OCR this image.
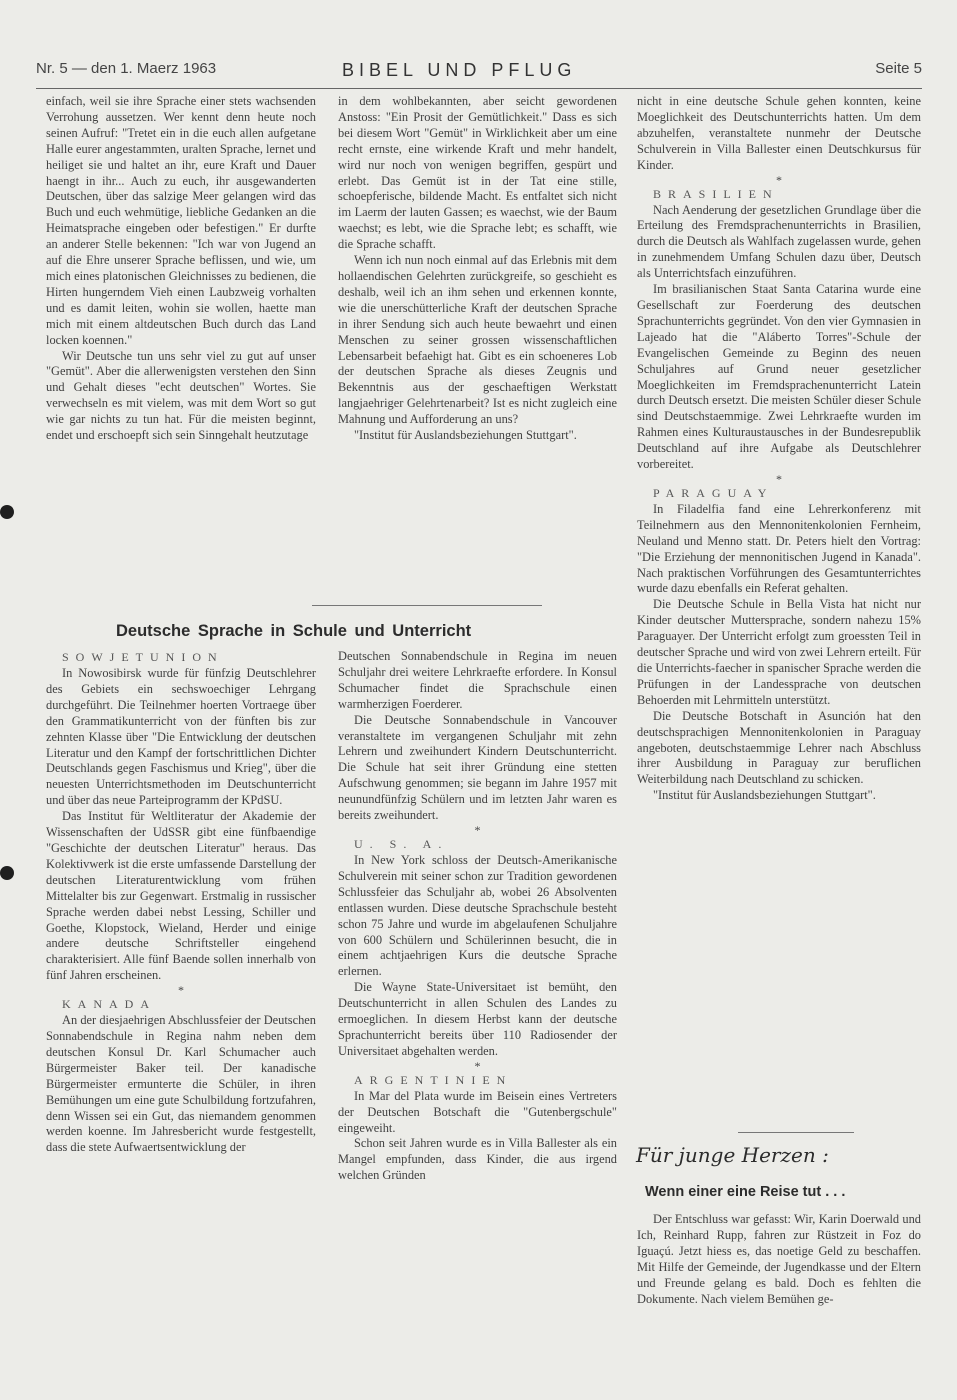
Nr. 5 — den 1. Maerz 1963	BIBEL UND PFLUG	Seite 5

einfach, weil sie ihre Sprache einer stets wachsenden Verrohung aussetzen. Wer kennt denn heute noch seinen Aufruf: "Tretet ein in die euch allen aufgetane Halle eurer angestammten, uralten Sprache, lernet und heiliget sie und haltet an ihr, eure Kraft und Dauer haengt in ihr... Auch zu euch, ihr ausgewanderten Deutschen, über das salzige Meer gelangen wird das Buch und euch wehmütige, liebliche Gedanken an die Heimatsprache eingeben oder befestigen." Er durfte an anderer Stelle bekennen: "Ich war von Jugend an auf die Ehre unserer Sprache beflissen, und wie, um mich eines platonischen Gleichnisses zu bedienen, die Hirten hungerndem Vieh einen Laubzweig vorhalten und es damit leiten, wohin sie wollen, haette man mich mit einem altdeutschen Buch durch das Land locken koennen."

Wir Deutsche tun uns sehr viel zu gut auf unser "Gemüt". Aber die allerwenigsten verstehen den Sinn und Gehalt dieses "echt deutschen" Wortes. Sie verwechseln es mit vielem, was mit dem Wort so gut wie gar nichts zu tun hat. Für die meisten beginnt, endet und erschoepft sich sein Sinngehalt heutzutage

in dem wohlbekannten, aber seicht gewordenen Anstoss: "Ein Prosit der Gemütlichkeit." Dass es sich bei diesem Wort "Gemüt" in Wirklichkeit aber um eine recht ernste, eine wirkende Kraft und mehr handelt, wird nur noch von wenigen begriffen, gespürt und erlebt. Das Gemüt ist in der Tat eine stille, schoepferische, bildende Macht. Es entfaltet sich nicht im Laerm der lauten Gassen; es waechst, wie der Baum waechst; es lebt, wie die Sprache lebt; es schafft, wie die Sprache schafft.

Wenn ich nun noch einmal auf das Erlebnis mit dem hollaendischen Gelehrten zurückgreife, so geschieht es deshalb, weil ich an ihm sehen und erkennen konnte, wie die unerschütterliche Kraft der deutschen Sprache in ihrer Sendung sich auch heute bewaehrt und einen Menschen zu seiner grossen wissenschaftlichen Lebensarbeit befaehigt hat. Gibt es ein schoeneres Lob der deutschen Sprache als dieses Zeugnis und Bekenntnis aus der geschaeftigen Werkstatt langjaehriger Gelehrtenarbeit? Ist es nicht zugleich eine Mahnung und Aufforderung an uns?

"Institut für Auslandsbeziehungen Stuttgart".

Deutsche Sprache in Schule und Unterricht
SOWJETUNION

In Nowosibirsk wurde für fünfzig Deutschlehrer des Gebiets ein sechswoechiger Lehrgang durchgeführt. Die Teilnehmer hoerten Vortraege über den Grammatikunterricht von der fünften bis zur zehnten Klasse über "Die Entwicklung der deutschen Literatur und den Kampf der fortschrittlichen Dichter Deutschlands gegen Faschismus und Krieg", über die neuesten Unterrichtsmethoden im Deutschunterricht und über das neue Parteiprogramm der KPdSU.

Das Institut für Weltliteratur der Akademie der Wissenschaften der UdSSR gibt eine fünfbaendige "Geschichte der deutschen Literatur" heraus. Das Kolektivwerk ist die erste umfassende Darstellung der deutschen Literaturentwicklung vom frühen Mittelalter bis zur Gegenwart. Erstmalig in russischer Sprache werden dabei nebst Lessing, Schiller und Goethe, Klopstock, Wieland, Herder und einige andere deutsche Schriftsteller eingehend charakterisiert. Alle fünf Baende sollen innerhalb von fünf Jahren erscheinen.

*
KANADA

An der diesjaehrigen Abschlussfeier der Deutschen Sonnabendschule in Regina nahm neben dem deutschen Konsul Dr. Karl Schumacher auch Bürgermeister Baker teil. Der kanadische Bürgermeister ermunterte die Schüler, in ihren Bemühungen um eine gute Schulbildung fortzufahren, denn Wissen sei ein Gut, das niemandem genommen werden koenne. Im Jahresbericht wurde festgestellt, dass die stete Aufwaertsentwicklung der

Deutschen Sonnabendschule in Regina im neuen Schuljahr drei weitere Lehrkraefte erfordere. In Konsul Schumacher findet die Sprachschule einen warmherzigen Foerderer.

Die Deutsche Sonnabendschule in Vancouver veranstaltete im vergangenen Schuljahr mit zehn Lehrern und zweihundert Kindern Deutschunterricht. Die Schule hat seit ihrer Gründung eine stetten Aufschwung genommen; sie begann im Jahre 1957 mit neunundfünfzig Schülern und im letzten Jahr waren es bereits zweihundert.

*
U. S. A.

In New York schloss der Deutsch-Amerikanische Schulverein mit seiner schon zur Tradition gewordenen Schlussfeier das Schuljahr ab, wobei 26 Absolventen entlassen wurden. Diese deutsche Sprachschule besteht schon 75 Jahre und wurde im abgelaufenen Schuljahre von 600 Schülern und Schülerinnen besucht, die in einem achtjaehrigen Kurs die deutsche Sprache erlernen.

Die Wayne State-Universitaet ist bemüht, den Deutschunterricht in allen Schulen des Landes zu ermoeglichen. In diesem Herbst kann der deutsche Sprachunterricht bereits über 110 Radiosender der Universitaet abgehalten werden.

*
ARGENTINIEN

In Mar del Plata wurde im Beisein eines Vertreters der Deutschen Botschaft die "Gutenbergschule" eingeweiht.

Schon seit Jahren wurde es in Villa Ballester als ein Mangel empfunden, dass Kinder, die aus irgend welchen Gründen

nicht in eine deutsche Schule gehen konnten, keine Moeglichkeit des Deutschunterrichts hatten. Um dem abzuhelfen, veranstaltete nunmehr der Deutsche Schulverein in Villa Ballester einen Deutschkursus für Kinder.

*
BRASILIEN

Nach Aenderung der gesetzlichen Grundlage über die Erteilung des Fremdsprachenunterrichts in Brasilien, durch die Deutsch als Wahlfach zugelassen wurde, gehen in zunehmendem Umfang Schulen dazu über, Deutsch als Unterrichtsfach einzuführen.

Im brasilianischen Staat Santa Catarina wurde eine Gesellschaft zur Foerderung des deutschen Sprachunterrichts gegründet. Von den vier Gymnasien in Lajeado hat die "Aláberto Torres"-Schule der Evangelischen Gemeinde zu Beginn des neuen Schuljahres auf Grund neuer gesetzlicher Moeglichkeiten im Fremdsprachenunterricht Latein durch Deutsch ersetzt. Die meisten Schüler dieser Schule sind Deutschstaemmige. Zwei Lehrkraefte wurden im Rahmen eines Kulturaustausches in der Bundesrepublik Deutschland auf ihre Aufgabe als Deutschlehrer vorbereitet.

*
PARAGUAY

In Filadelfia fand eine Lehrerkonferenz mit Teilnehmern aus den Mennonitenkolonien Fernheim, Neuland und Menno statt. Dr. Peters hielt den Vortrag: "Die Erziehung der mennonitischen Jugend in Kanada". Nach praktischen Vorführungen des Gesamtunterrichtes wurde dazu ebenfalls ein Referat gehalten.

Die Deutsche Schule in Bella Vista hat nicht nur Kinder deutscher Muttersprache, sondern nahezu 15% Paraguayer. Der Unterricht erfolgt zum groessten Teil in deutscher Sprache und wird von zwei Lehrern erteilt. Für die Unterrichts-faecher in spanischer Sprache werden die Prüfungen in der Landessprache von deutschen Behoerden mit Lehrmitteln unterstützt.

Die Deutsche Botschaft in Asunción hat den deutschsprachigen Mennonitenkolonien in Paraguay angeboten, deutschstaemmige Lehrer nach Abschluss ihrer Ausbildung in Paraguay zur beruflichen Weiterbildung nach Deutschland zu schicken.

"Institut für Auslandsbeziehungen Stuttgart".

Für junge Herzen :
Wenn einer eine Reise tut . . .

Der Entschluss war gefasst: Wir, Karin Doerwald und Ich, Reinhard Rupp, fahren zur Rüstzeit in Foz do Iguaçú. Jetzt hiess es, das noetige Geld zu beschaffen. Mit Hilfe der Gemeinde, der Jugendkasse und der Eltern und Freunde gelang es bald. Doch es fehlten die Dokumente. Nach vielem Bemühen ge-
